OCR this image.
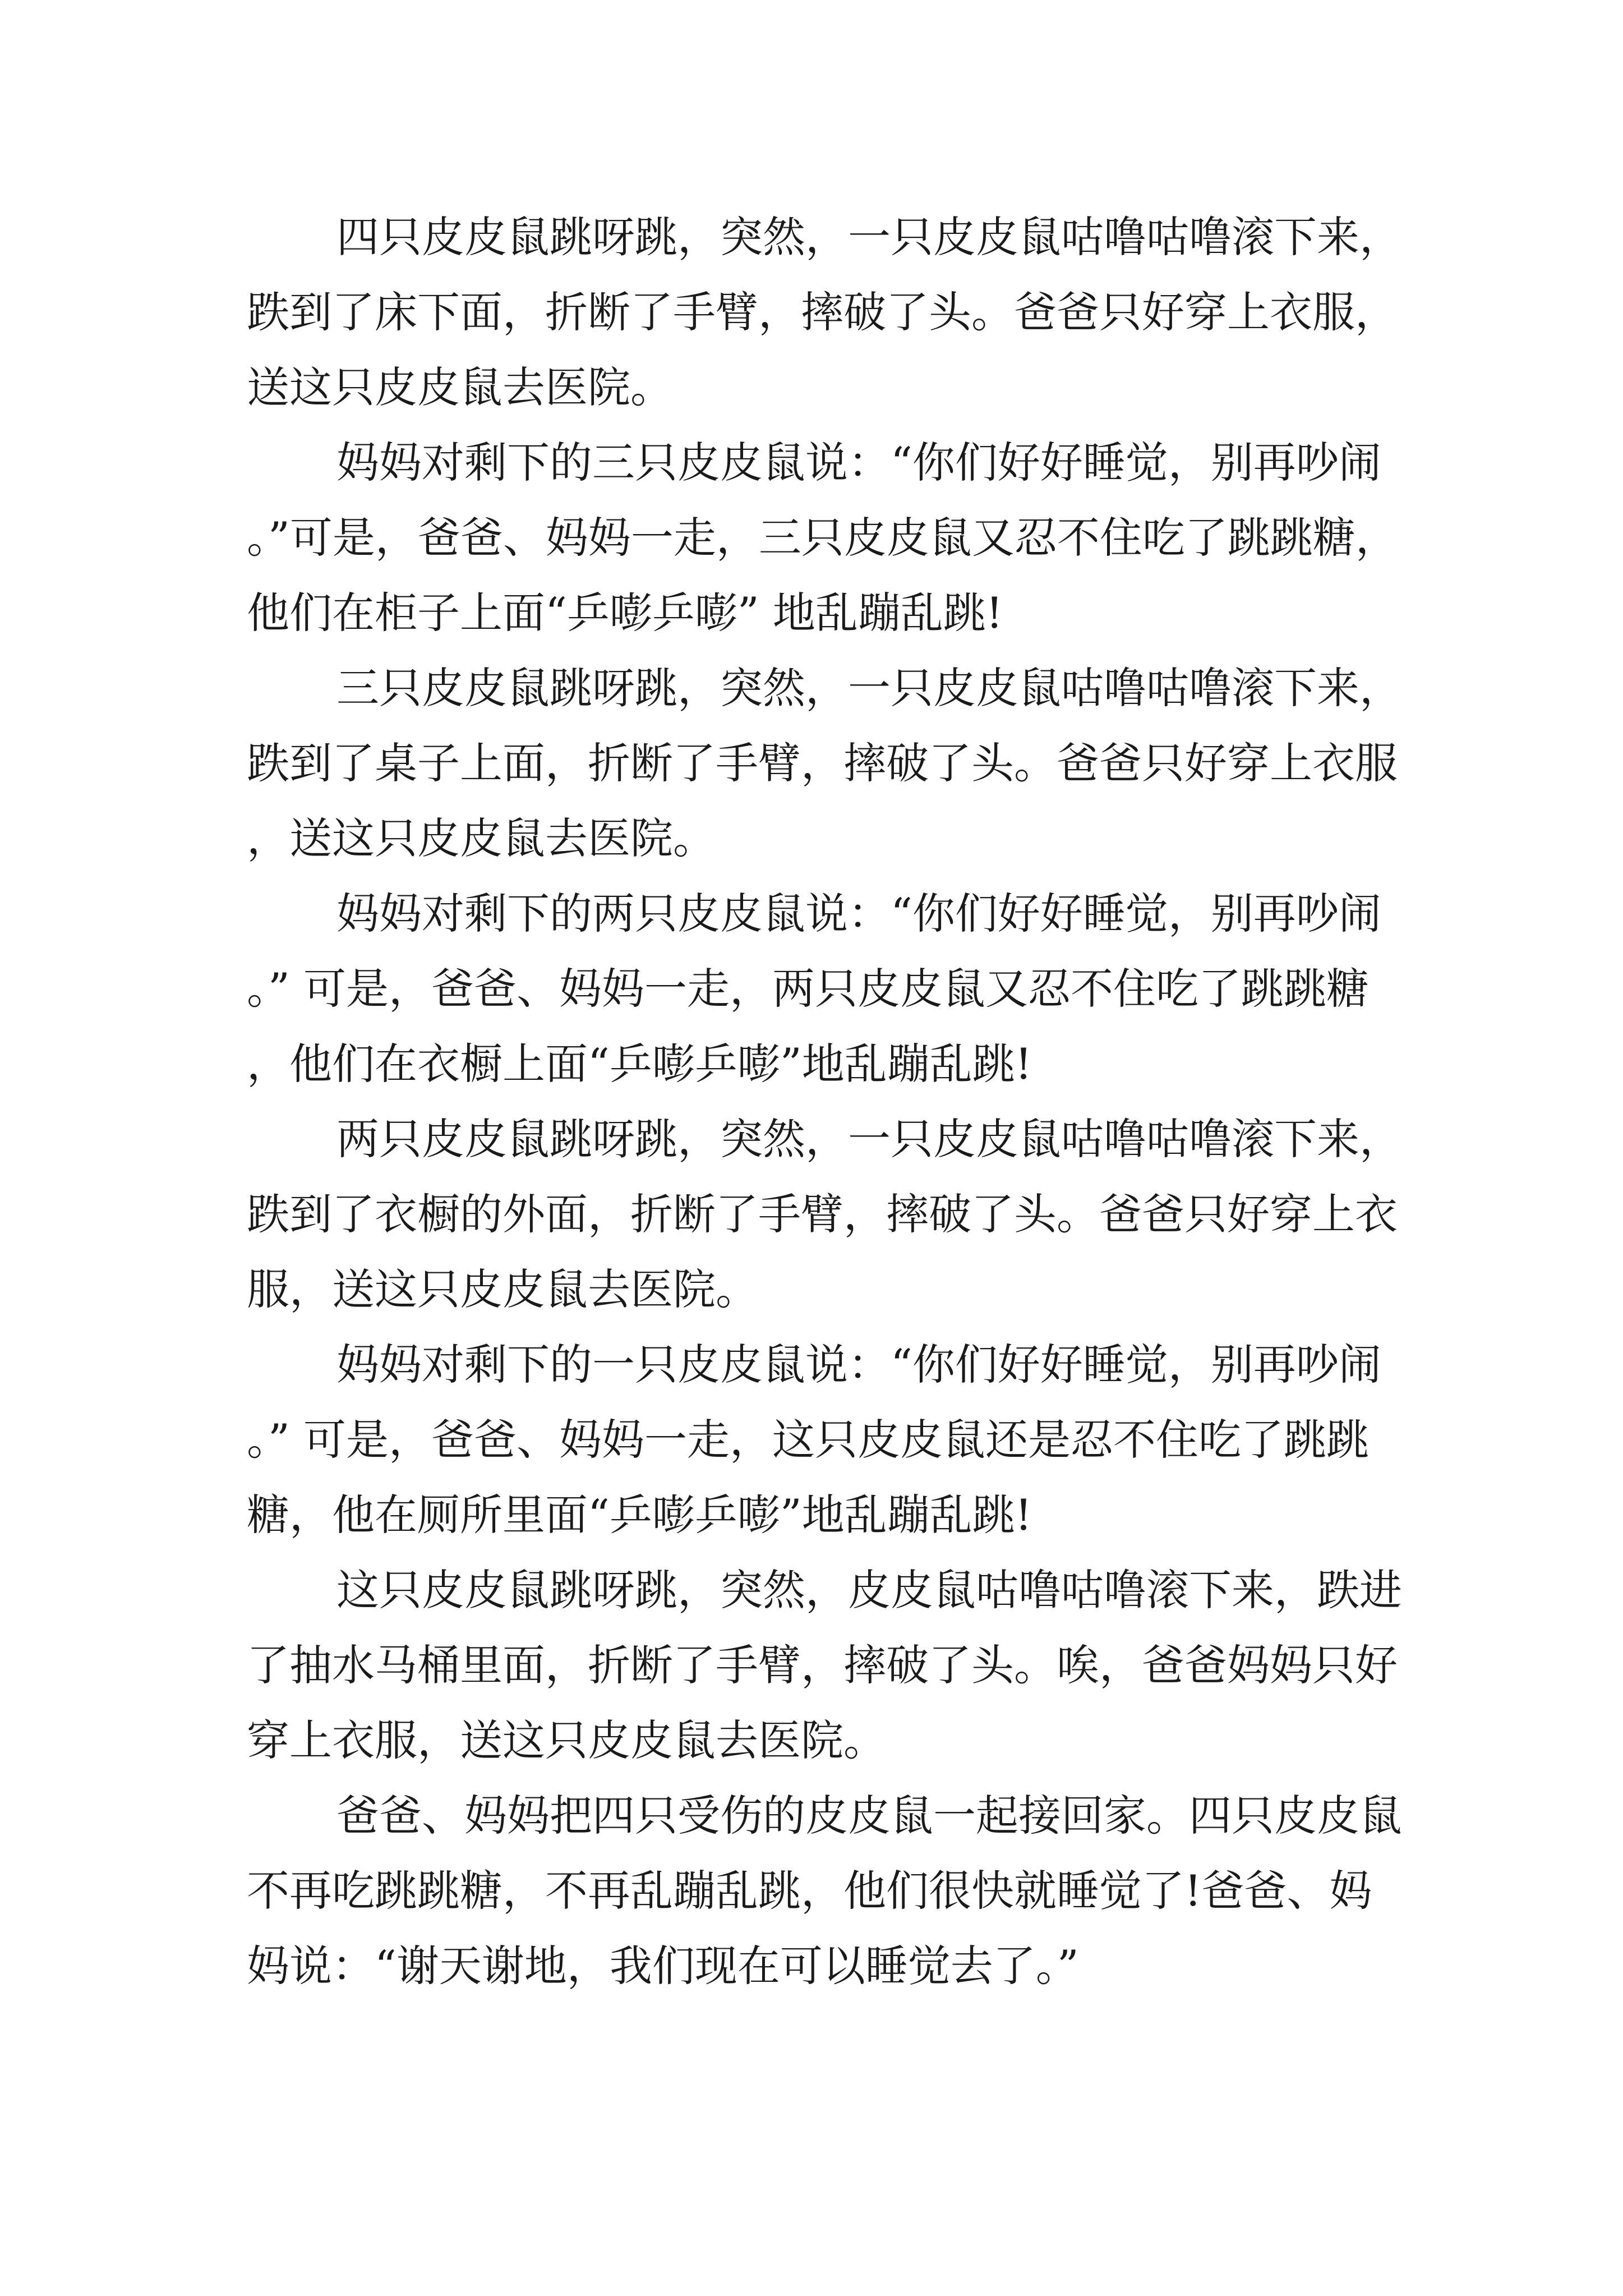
四只皮皮鼠跳呀跳，突然，一只皮皮鼠咕噜咕噜滚下来，跌到了床下面，折断了手臂，摔破了头。爸爸只好穿上衣服，送这只皮皮鼠去医院。

妈妈对剩下的三只皮皮鼠说：“你们好好睡觉，别再吵闹。”可是，爸爸、妈妈一走，三只皮皮鼠又忍不住吃了跳跳糖，他们在柜子上面“乒嘭乒嘭” 地乱蹦乱跳!

三只皮皮鼠跳呀跳，突然，一只皮皮鼠咕噜咕噜滚下来，跌到了桌子上面，折断了手臂，摔破了头。爸爸只好穿上衣服，送这只皮皮鼠去医院。

妈妈对剩下的两只皮皮鼠说：“你们好好睡觉，别再吵闹。” 可是，爸爸、妈妈一走，两只皮皮鼠又忍不住吃了跳跳糖，他们在衣橱上面“乒嘭乒嘭”地乱蹦乱跳!

两只皮皮鼠跳呀跳，突然，一只皮皮鼠咕噜咕噜滚下来，跌到了衣橱的外面，折断了手臂，摔破了头。爸爸只好穿上衣服，送这只皮皮鼠去医院。

妈妈对剩下的一只皮皮鼠说：“你们好好睡觉，别再吵闹。” 可是，爸爸、妈妈一走，这只皮皮鼠还是忍不住吃了跳跳糖，他在厕所里面“乒嘭乒嘭”地乱蹦乱跳!

这只皮皮鼠跳呀跳，突然，皮皮鼠咕噜咕噜滚下来，跌进了抽水马桶里面，折断了手臂，摔破了头。唉，爸爸妈妈只好穿上衣服，送这只皮皮鼠去医院。

爸爸、妈妈把四只受伤的皮皮鼠一起接回家。四只皮皮鼠不再吃跳跳糖，不再乱蹦乱跳，他们很快就睡觉了!爸爸、妈妈说：“谢天谢地，我们现在可以睡觉去了。”
